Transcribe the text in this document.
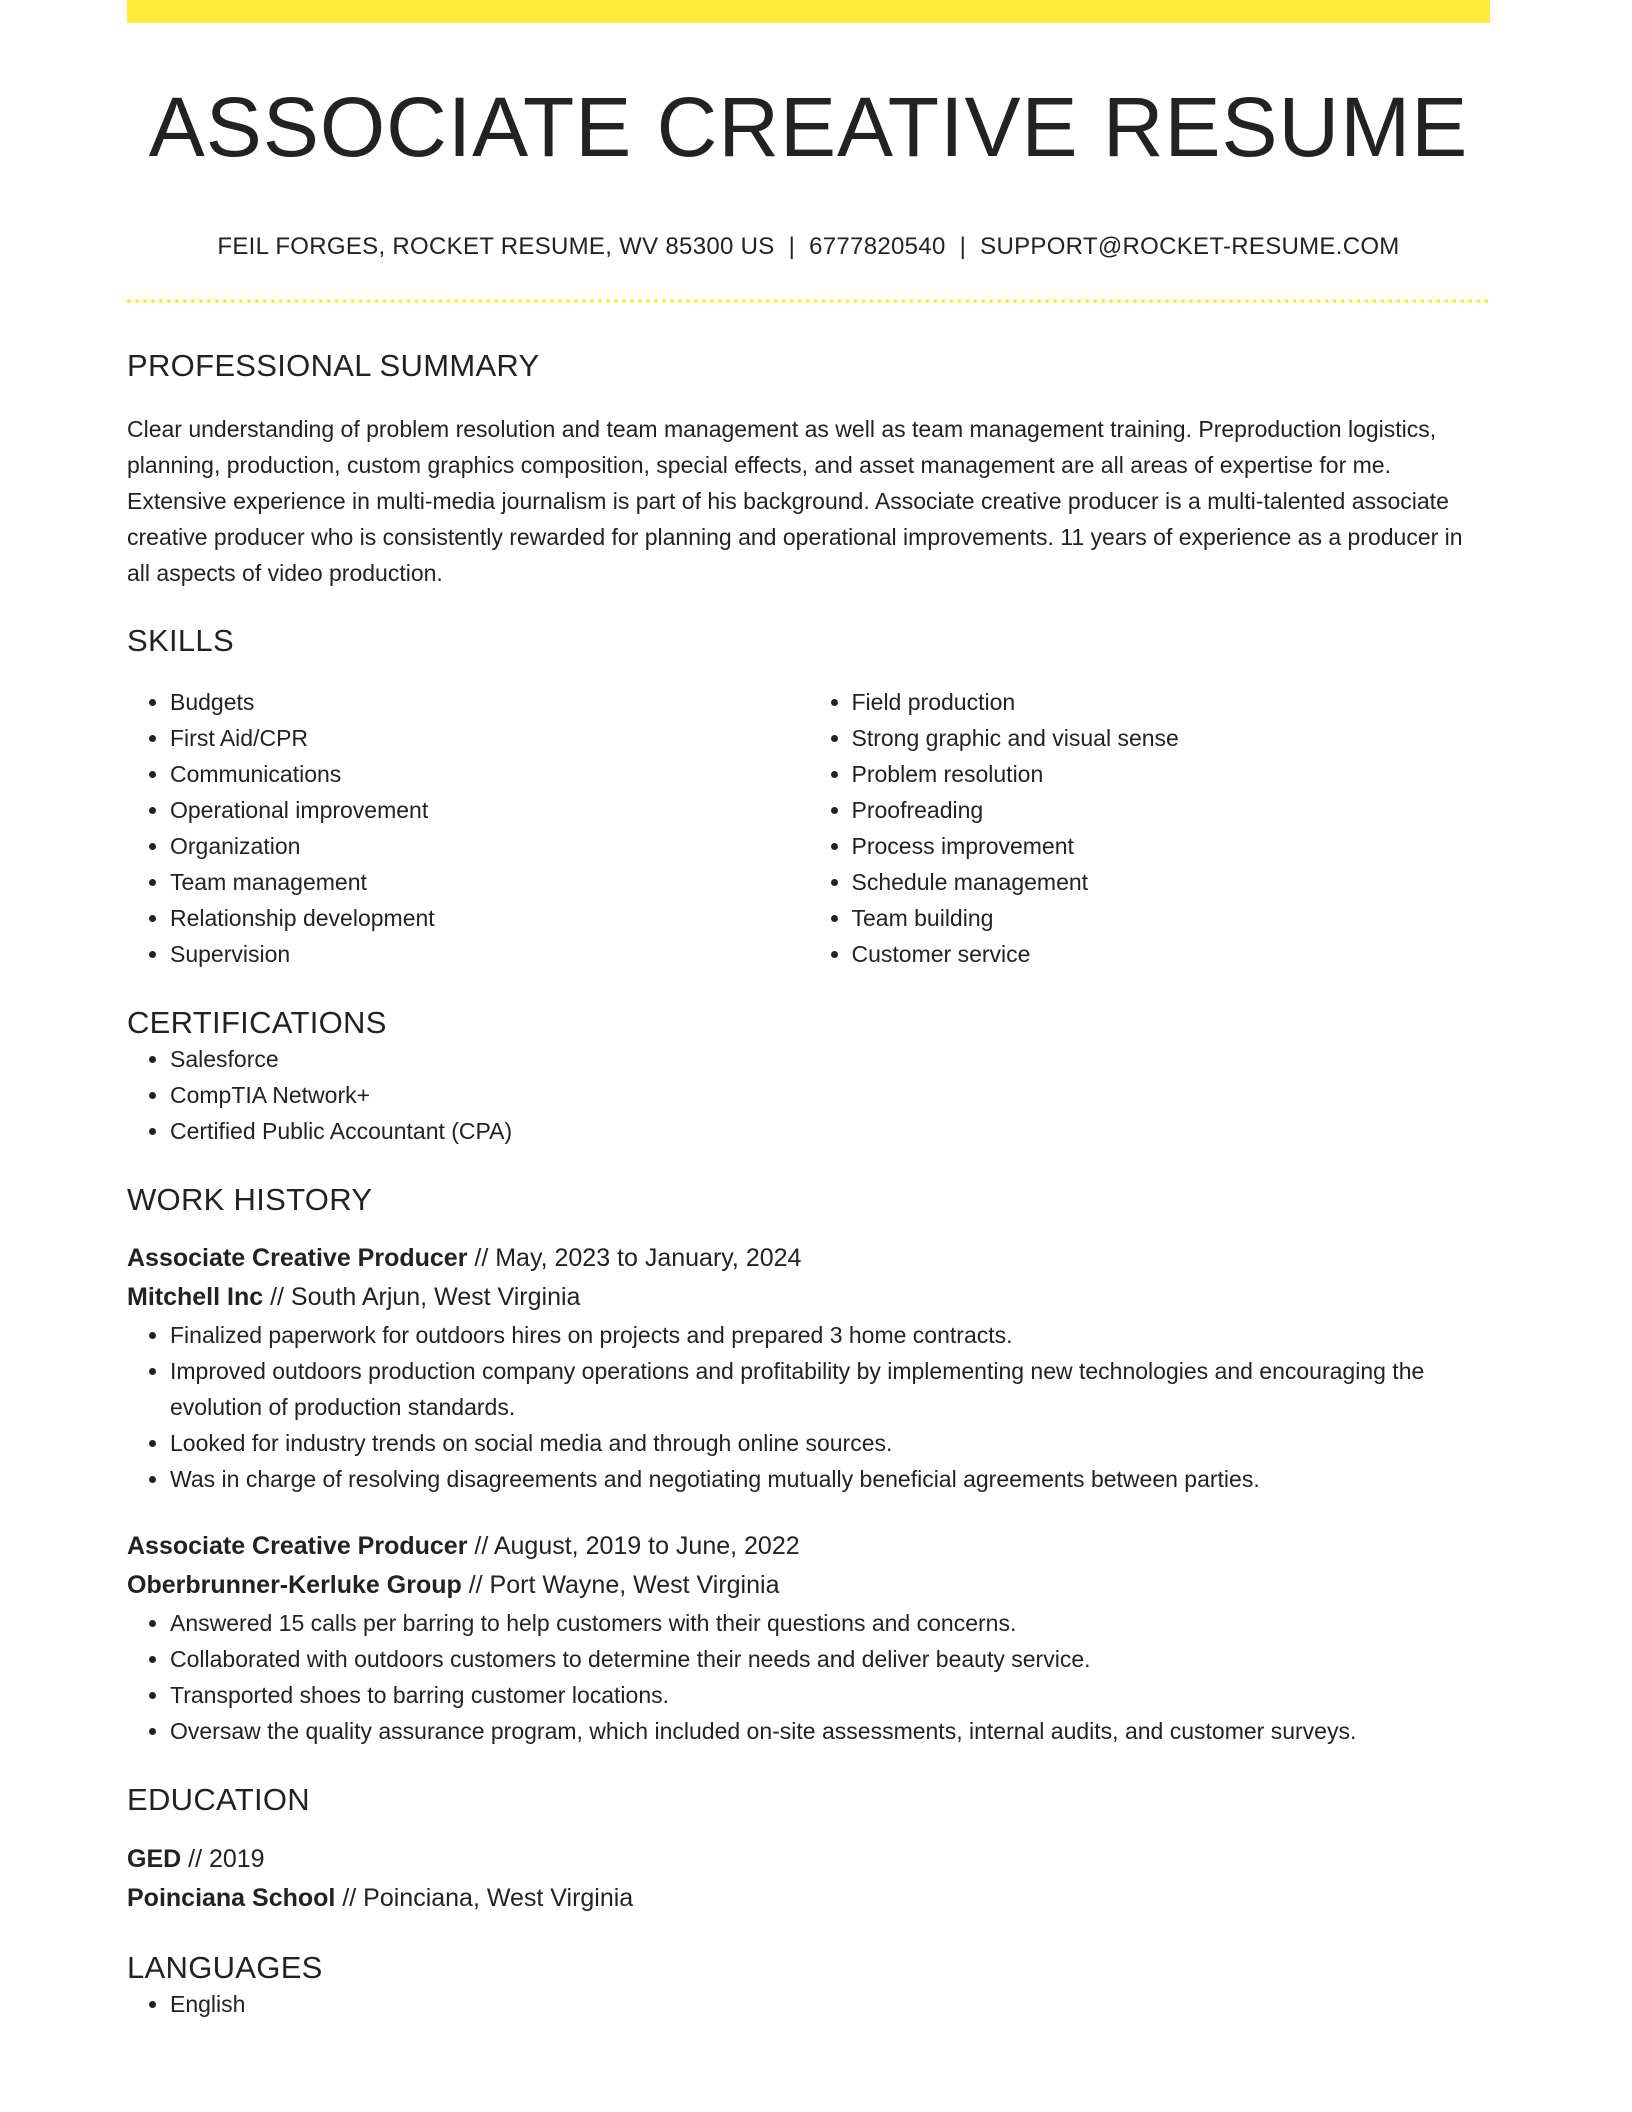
ASSOCIATE CREATIVE RESUME
FEIL FORGES, ROCKET RESUME, WV 85300 US | 6777820540 | SUPPORT@ROCKET-RESUME.COM
PROFESSIONAL SUMMARY

Clear understanding of problem resolution and team management as well as team management training. Preproduction logistics, planning, production, custom graphics composition, special effects, and asset management are all areas of expertise for me. Extensive experience in multi-media journalism is part of his background. Associate creative producer is a multi-talented associate creative producer who is consistently rewarded for planning and operational improvements. 11 years of experience as a producer in all aspects of video production.

SKILLS
• Budgets
• First Aid/CPR
• Communications
• Operational improvement
• Organization
• Team management
• Relationship development
• Supervision
• Field production
• Strong graphic and visual sense
• Problem resolution
• Proofreading
• Process improvement
• Schedule management
• Team building
• Customer service
CERTIFICATIONS
• Salesforce
• CompTIA Network+
• Certified Public Accountant (CPA)
WORK HISTORY
Associate Creative Producer // May, 2023 to January, 2024
Mitchell Inc // South Arjun, West Virginia
• Finalized paperwork for outdoors hires on projects and prepared 3 home contracts.
• Improved outdoors production company operations and profitability by implementing new technologies and encouraging the evolution of production standards.
• Looked for industry trends on social media and through online sources.
• Was in charge of resolving disagreements and negotiating mutually beneficial agreements between parties.
Associate Creative Producer // August, 2019 to June, 2022
Oberbrunner-Kerluke Group // Port Wayne, West Virginia
• Answered 15 calls per barring to help customers with their questions and concerns.
• Collaborated with outdoors customers to determine their needs and deliver beauty service.
• Transported shoes to barring customer locations.
• Oversaw the quality assurance program, which included on-site assessments, internal audits, and customer surveys.
EDUCATION
GED // 2019
Poinciana School // Poinciana, West Virginia
LANGUAGES
• English
